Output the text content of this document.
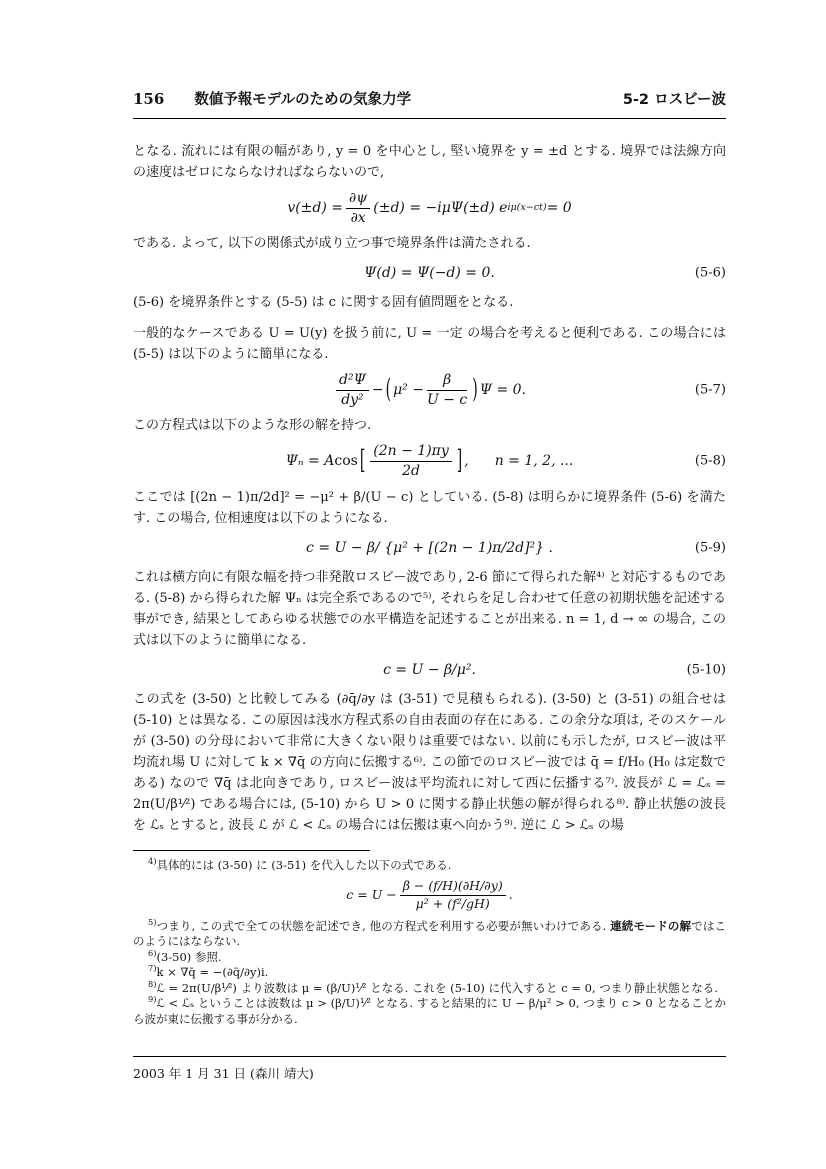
156 数値予報モデルのための気象力学	5-2 ロスビー波

となる. 流れには有限の幅があり, y = 0 を中心とし, 堅い境界を y = ±d とする. 境界では法線方向の速度はゼロにならなければならないので,

$v(\pm d) = \frac{\partial\psi}{\partial x} (\pm d) = -i\mu\Psi(\pm d)$ e iμ(x−ct) = 0

である. よって, 以下の関係式が成り立つ事で境界条件は満たされる.

Ψ(d) = Ψ(−d) = 0.	(5-6)

(5-6) を境界条件とする (5-5) は c に関する固有値問題をとなる.

一般的なケースである U = U(y) を扱う前に, U = 一定 の場合を考えると便利である. この場合には (5-5) は以下のように簡単になる.

$\frac{\text{d²Ψ}}{\text{dy²}}$ − ( $\mu^2 - \frac{\beta}{U - c}$ ) Ψ = 0.	(5-7)

この方程式は以下のような形の解を持つ.

Ψₙ = A cos [ $\frac{(2n - 1)\pi y}{2d}$ ] ,
n = 1, 2, ...	(5-8)

ここでは [(2n − 1)π/2d]² = −μ² + β/(U − c) としている. (5-8) は明らかに境界条件 (5-6) を満たす. この場合, 位相速度は以下のようになる.

c = U − β/ {μ² + [(2n − 1)π/2d]²} .	(5-9)

これは横方向に有限な幅を持つ非発散ロスビー波であり, 2-6 節にて得られた解⁴⁾ と対応するものである. (5-8) から得られた解 Ψₙ は完全系であるので⁵⁾, それらを足し合わせて任意の初期状態を記述する事ができ, 結果としてあらゆる状態での水平構造を記述することが出来る. n = 1, d → ∞ の場合, この式は以下のように簡単になる.

c = U − β/μ².	(5-10)

この式を (3-50) と比較してみる (∂q̄/∂y は (3-51) で見積もられる). (3-50) と (3-51) の組合せは (5-10) とは異なる. この原因は浅水方程式系の自由表面の存在にある. この余分な項は, そのスケールが (3-50) の分母において非常に大きくない限りは重要ではない. 以前にも示したが, ロスビー波は平均流れ場 U に対して k × ∇q̄ の方向に伝搬する⁶⁾. この節でのロスビー波では q̄ = f/H₀ (H₀ は定数である) なので ∇q̄ は北向きであり, ロスビー波は平均流れに対して西に伝播する⁷⁾. 波長が ℒ = ℒₛ = 2π(U/β¹⁄²) である場合には, (5-10) から U > 0 に関する静止状態の解が得られる⁸⁾. 静止状態の波長を ℒₛ とすると, 波長 ℒ が ℒ < ℒₛ の場合には伝搬は東へ向かう⁹⁾. 逆に ℒ > ℒₛ の場

$^{4)}$具体的には (3-50) に (3-51) を代入した以下の式である.
$c = U - \frac{\beta - (f/H)(\partial H/\partial y)}{\text{μ² + (f²/gH)}}$ .
$^{5)}$つまり, この式で全ての状態を記述でき, 他の方程式を利用する必要が無いわけである. 連続モードの解ではこのようにはならない.
$^{6)}$(3-50) 参照.
$^{7)}$k × ∇q̄ = −(∂q̄/∂y)i.
$^{8)}$ℒ = 2π(U/β¹⁄²) より波数は μ = (β/U)¹⁄² となる. これを (5-10) に代入すると c = 0, つまり静止状態となる.
$^{9)}$ℒ < ℒₛ ということは波数は μ > (β/U)¹⁄² となる. すると結果的に U − β/μ² > 0, つまり c > 0 となることから波が東に伝搬する事が分かる.
2003 年 1 月 31 日 (森川 靖大)
